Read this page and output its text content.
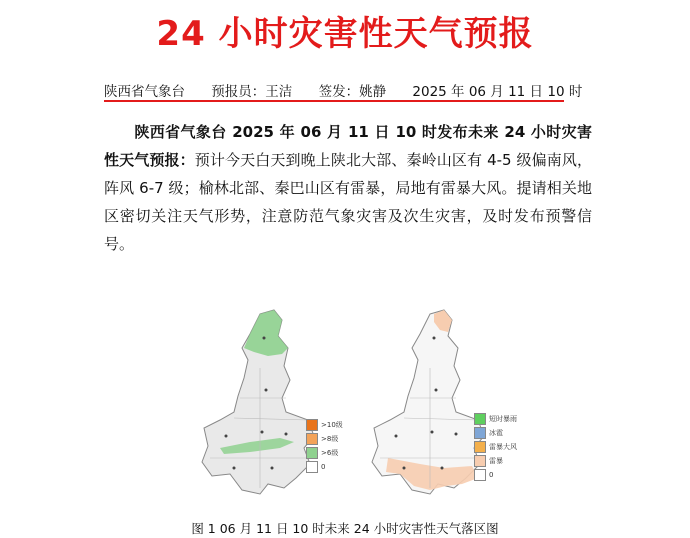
24 小时灾害性天气预报
陕西省气象台 预报员：王洁 签发：姚静 2025 年 06 月 11 日 10 时
陕西省气象台 2025 年 06 月 11 日 10 时发布未来 24 小时灾害性天气预报：预计今天白天到晚上陕北大部、秦岭山区有 4-5 级偏南风，阵风 6-7 级；榆林北部、秦巴山区有雷暴，局地有雷暴大风。提请相关地区密切关注天气形势，注意防范气象灾害及次生灾害，及时发布预警信号。
>10级
>8级
>6级
0
短时暴雨
冰雹
雷暴大风
雷暴
0
图 1 06 月 11 日 10 时未来 24 小时灾害性天气落区图
